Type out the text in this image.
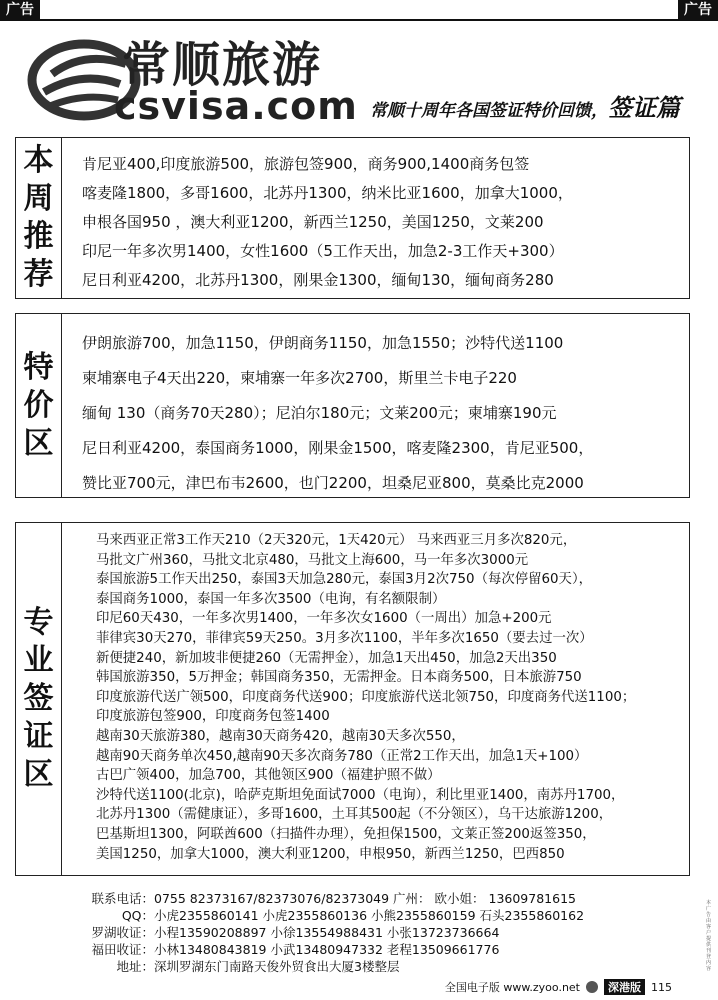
广告	广告
常顺旅游
csvisa.com 常顺十周年各国签证特价回馈，签证篇
本
周
推
荐
肯尼亚400,印度旅游500，旅游包签900，商务900,1400商务包签
喀麦隆1800，多哥1600，北苏丹1300，纳米比亚1600，加拿大1000，
申根各国950 ，澳大利亚1200，新西兰1250，美国1250，文莱200
印尼一年多次男1400，女性1600（5工作天出，加急2-3工作天+300）
尼日利亚4200，北苏丹1300，刚果金1300，缅甸130，缅甸商务280
特
价
区
伊朗旅游700，加急1150，伊朗商务1150，加急1550；沙特代送1100
柬埔寨电子4天出220，柬埔寨一年多次2700，斯里兰卡电子220
缅甸 130（商务70天280）；尼泊尔180元；文莱200元；柬埔寨190元
尼日利亚4200，泰国商务1000，刚果金1500，喀麦隆2300，肯尼亚500，
赞比亚700元，津巴布韦2600，也门2200，坦桑尼亚800，莫桑比克2000
专
业
签
证
区
马来西亚正常3工作天210（2天320元，1天420元） 马来西亚三月多次820元，
马批文广州360，马批文北京480，马批文上海600，马一年多次3000元
泰国旅游5工作天出250，泰国3天加急280元，泰国3月2次750（每次停留60天），
泰国商务1000，泰国一年多次3500（电询，有名额限制）
印尼60天430，一年多次男1400，一年多次女1600（一周出）加急+200元
菲律宾30天270，菲律宾59天250。3月多次1100，半年多次1650（要去过一次）
新便捷240，新加坡非便捷260（无需押金），加急1天出450，加急2天出350
韩国旅游350，5万押金；韩国商务350，无需押金。日本商务500，日本旅游750
印度旅游代送广领500，印度商务代送900；印度旅游代送北领750，印度商务代送1100；
印度旅游包签900，印度商务包签1400
越南30天旅游380，越南30天商务420，越南30天多次550，
越南90天商务单次450,越南90天多次商务780（正常2工作天出，加急1天+100）
古巴广领400，加急700，其他领区900（福建护照不做）
沙特代送1100(北京)，哈萨克斯坦免面试7000（电询），利比里亚1400，南苏丹1700，
北苏丹1300（需健康证），多哥1600，土耳其500起（不分领区），乌干达旅游1200，
巴基斯坦1300，阿联酋600（扫描件办理），免担保1500，文莱正签200返签350，
美国1250，加拿大1000，澳大利亚1200，申根950，新西兰1250，巴西850
联系电话： 0755 82373167/82373076/82373049 广州： 欧小姐： 13609781615
QQ： 小虎2355860141 小虎2355860136 小熊2355860159 石头2355860162
罗湖收证： 小程13590208897 小徐13554988431 小张13723736664
福田收证： 小林13480843819 小武13480947332 老程13509661776
地址： 深圳罗湖东门南路天俊外贸食出大厦3楼整层
本广告由客户提供刊登内容
全国电子版 www.zyoo.net	深港版 115
